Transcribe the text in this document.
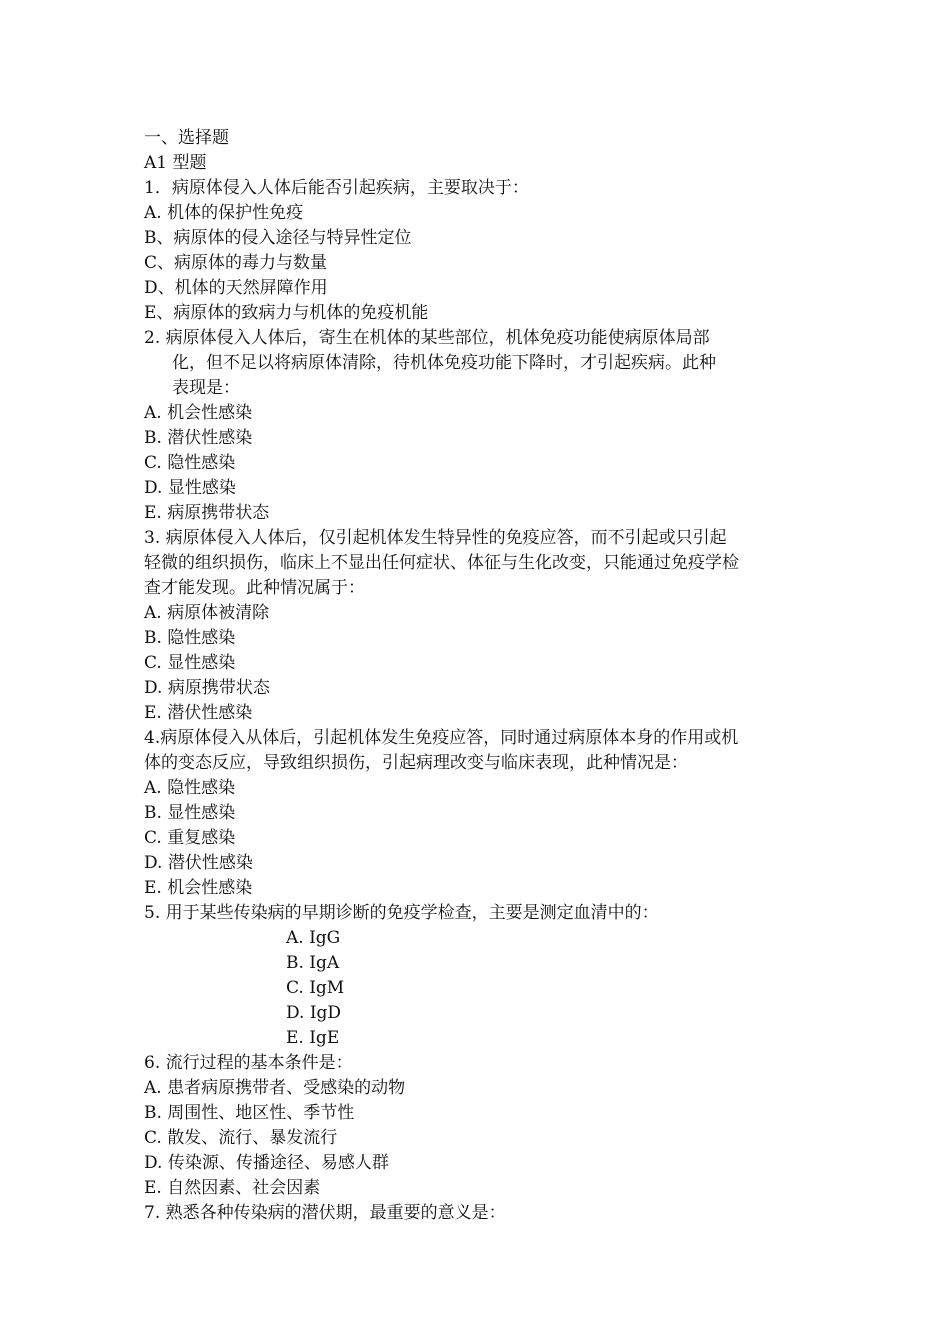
一、选择题
A1 型题
1．病原体侵入人体后能否引起疾病，主要取决于：
A. 机体的保护性免疫
B、病原体的侵入途径与特异性定位
C、病原体的毒力与数量
D、机体的天然屏障作用
E、病原体的致病力与机体的免疫机能
2. 病原体侵入人体后，寄生在机体的某些部位，机体免疫功能使病原体局部
化，但不足以将病原体清除，待机体免疫功能下降时，才引起疾病。此种
表现是：
A. 机会性感染
B. 潜伏性感染
C. 隐性感染
D. 显性感染
E. 病原携带状态
3. 病原体侵入人体后，仅引起机体发生特异性的免疫应答，而不引起或只引起
轻微的组织损伤，临床上不显出任何症状、体征与生化改变，只能通过免疫学检
查才能发现。此种情况属于：
A. 病原体被清除
B. 隐性感染
C. 显性感染
D. 病原携带状态
E. 潜伏性感染
4.病原体侵入从体后，引起机体发生免疫应答，同时通过病原体本身的作用或机
体的变态反应，导致组织损伤，引起病理改变与临床表现，此种情况是：
A. 隐性感染
B. 显性感染
C. 重复感染
D. 潜伏性感染
E. 机会性感染
5. 用于某些传染病的早期诊断的免疫学检查，主要是测定血清中的：
A. IgG
B. IgA
C. IgM
D. IgD
E. IgE
6. 流行过程的基本条件是：
A. 患者病原携带者、受感染的动物
B. 周围性、地区性、季节性
C. 散发、流行、暴发流行
D. 传染源、传播途径、易感人群
E. 自然因素、社会因素
7. 熟悉各种传染病的潜伏期，最重要的意义是：
